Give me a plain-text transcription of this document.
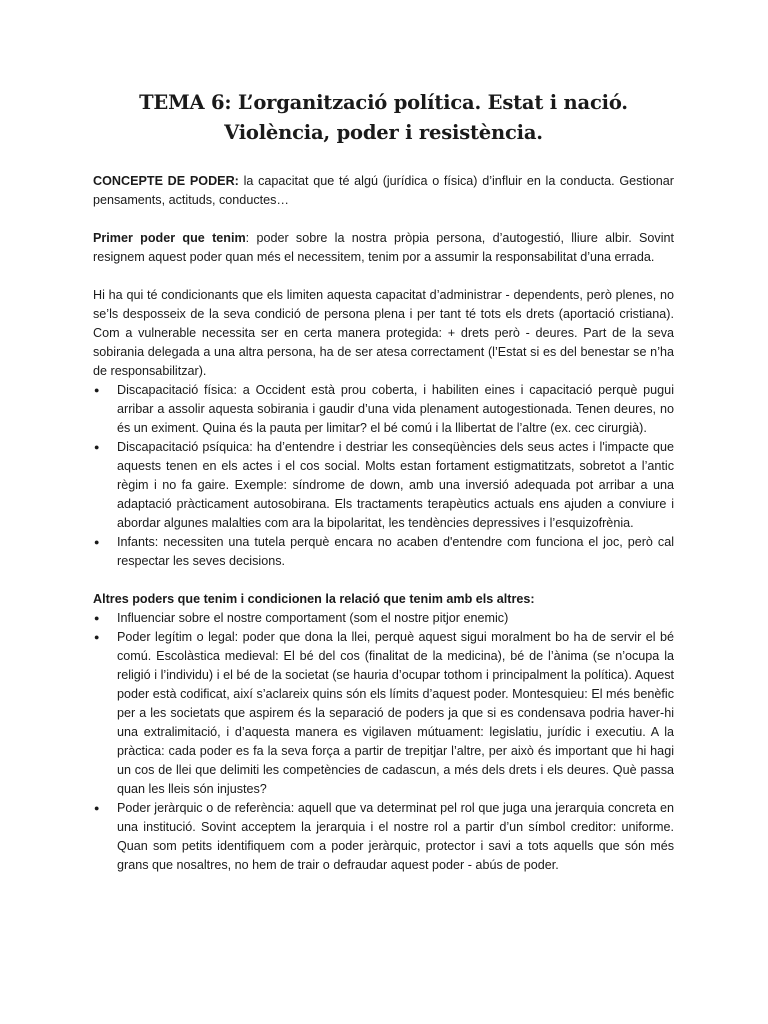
TEMA 6: L’organització política. Estat i nació. Violència, poder i resistència.

CONCEPTE DE PODER: la capacitat que té algú (jurídica o física) d’influir en la conducta. Gestionar pensaments, actituds, conductes…

Primer poder que tenim: poder sobre la nostra pròpia persona, d’autogestió, lliure albir. Sovint resignem aquest poder quan més el necessitem, tenim por a assumir la responsabilitat d’una errada.

Hi ha qui té condicionants que els limiten aquesta capacitat d’administrar - dependents, però plenes, no se’ls desposseix de la seva condició de persona plena i per tant té tots els drets (aportació cristiana). Com a vulnerable necessita ser en certa manera protegida: + drets però - deures. Part de la seva sobirania delegada a una altra persona, ha de ser atesa correctament (l’Estat si es del benestar se n’ha de responsabilitzar).

● Discapacitació física: a Occident està prou coberta, i habiliten eines i capacitació perquè pugui arribar a assolir aquesta sobirania i gaudir d’una vida plenament autogestionada. Tenen deures, no és un eximent. Quina és la pauta per limitar? el bé comú i la llibertat de l’altre (ex. cec cirurgià).
● Discapacitació psíquica: ha d’entendre i destriar les conseqüències dels seus actes i l'impacte que aquests tenen en els actes i el cos social. Molts estan fortament estigmatitzats, sobretot a l’antic règim i no fa gaire. Exemple: síndrome de down, amb una inversió adequada pot arribar a una adaptació pràcticament autosobirana. Els tractaments terapèutics actuals ens ajuden a conviure i abordar algunes malalties com ara la bipolaritat, les tendències depressives i l’esquizofrènia.
● Infants: necessiten una tutela perquè encara no acaben d'entendre com funciona el joc, però cal respectar les seves decisions.

Altres poders que tenim i condicionen la relació que tenim amb els altres:

● Influenciar sobre el nostre comportament (som el nostre pitjor enemic)
● Poder legítim o legal: poder que dona la llei, perquè aquest sigui moralment bo ha de servir el bé comú. Escolàstica medieval: El bé del cos (finalitat de la medicina), bé de l’ànima (se n’ocupa la religió i l’individu) i el bé de la societat (se hauria d’ocupar tothom i principalment la política). Aquest poder està codificat, així s’aclareix quins són els límits d’aquest poder. Montesquieu: El més benèfic per a les societats que aspirem és la separació de poders ja que si es condensava podria haver-hi una extralimitació, i d’aquesta manera es vigilaven mútuament: legislatiu, jurídic i executiu. A la pràctica: cada poder es fa la seva força a partir de trepitjar l’altre, per això és important que hi hagi un cos de llei que delimiti les competències de cadascun, a més dels drets i els deures. Què passa quan les lleis són injustes?
● Poder jeràrquic o de referència: aquell que va determinat pel rol que juga una jerarquia concreta en una institució. Sovint acceptem la jerarquia i el nostre rol a partir d’un símbol creditor: uniforme. Quan som petits identifiquem com a poder jeràrquic, protector i savi a tots aquells que són més grans que nosaltres, no hem de trair o defraudar aquest poder - abús de poder.
